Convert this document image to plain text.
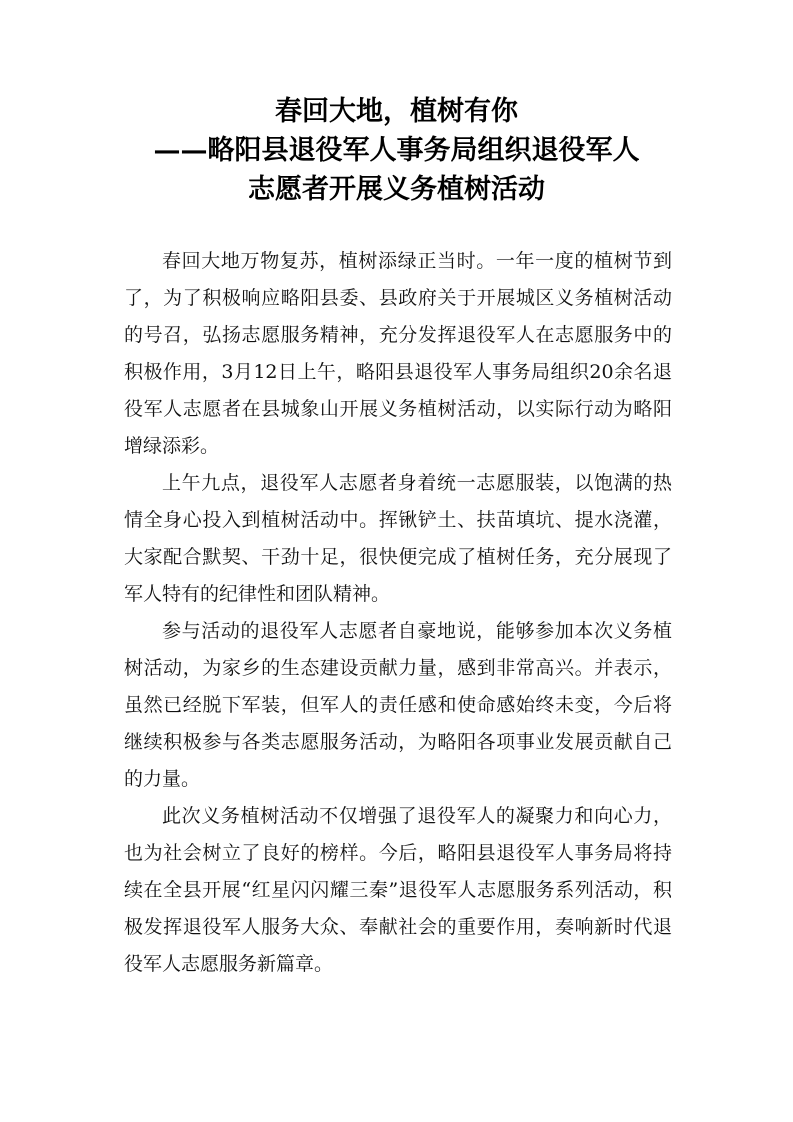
春回大地，植树有你
——略阳县退役军人事务局组织退役军人
志愿者开展义务植树活动

春回大地万物复苏，植树添绿正当时。一年一度的植树节到了，为了积极响应略阳县委、县政府关于开展城区义务植树活动的号召，弘扬志愿服务精神，充分发挥退役军人在志愿服务中的积极作用，3月12日上午，略阳县退役军人事务局组织20余名退役军人志愿者在县城象山开展义务植树活动，以实际行动为略阳增绿添彩。

上午九点，退役军人志愿者身着统一志愿服装，以饱满的热情全身心投入到植树活动中。挥锹铲土、扶苗填坑、提水浇灌，大家配合默契、干劲十足，很快便完成了植树任务，充分展现了军人特有的纪律性和团队精神。

参与活动的退役军人志愿者自豪地说，能够参加本次义务植树活动，为家乡的生态建设贡献力量，感到非常高兴。并表示，虽然已经脱下军装，但军人的责任感和使命感始终未变，今后将继续积极参与各类志愿服务活动，为略阳各项事业发展贡献自己的力量。

此次义务植树活动不仅增强了退役军人的凝聚力和向心力，也为社会树立了良好的榜样。今后，略阳县退役军人事务局将持续在全县开展“红星闪闪耀三秦”退役军人志愿服务系列活动，积极发挥退役军人服务大众、奉献社会的重要作用，奏响新时代退役军人志愿服务新篇章。
